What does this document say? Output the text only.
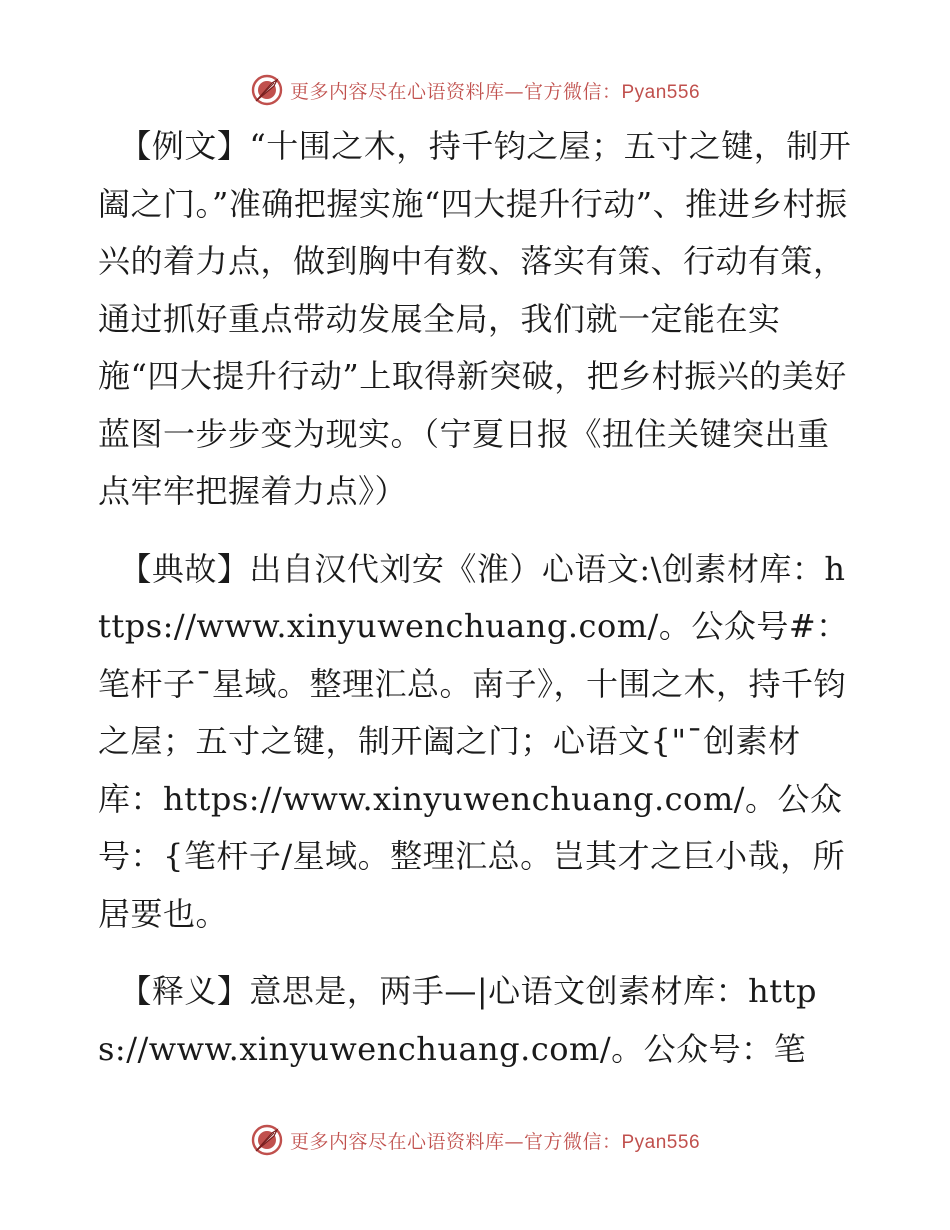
更多内容尽在心语资料库—官方微信：Pyan556

【例文】“十围之木，持千钧之屋；五寸之键，制开阖之门。”准确把握实施“四大提升行动”、推进乡村振兴的着力点，做到胸中有数、落实有策、行动有策，通过抓好重点带动发展全局，我们就一定能在实施“四大提升行动”上取得新突破，把乡村振兴的美好蓝图一步步变为现实。（宁夏日报《扭住关键突出重点牢牢把握着力点》）

【典故】出自汉代刘安《淮）心语文:\创素材库：https://www.xinyuwenchuang.com/。公众号#：笔杆子¯星域。整理汇总。南子》，十围之木，持千钧之屋；五寸之键，制开阖之门；心语文{"¯创素材库：https://www.xinyuwenchuang.com/。公众号：{笔杆子/星域。整理汇总。岂其才之巨小哉，所居要也。

【释义】意思是，两手—|心语文创素材库：https://www.xinyuwenchuang.com/。公众号：笔

更多内容尽在心语资料库—官方微信：Pyan556
